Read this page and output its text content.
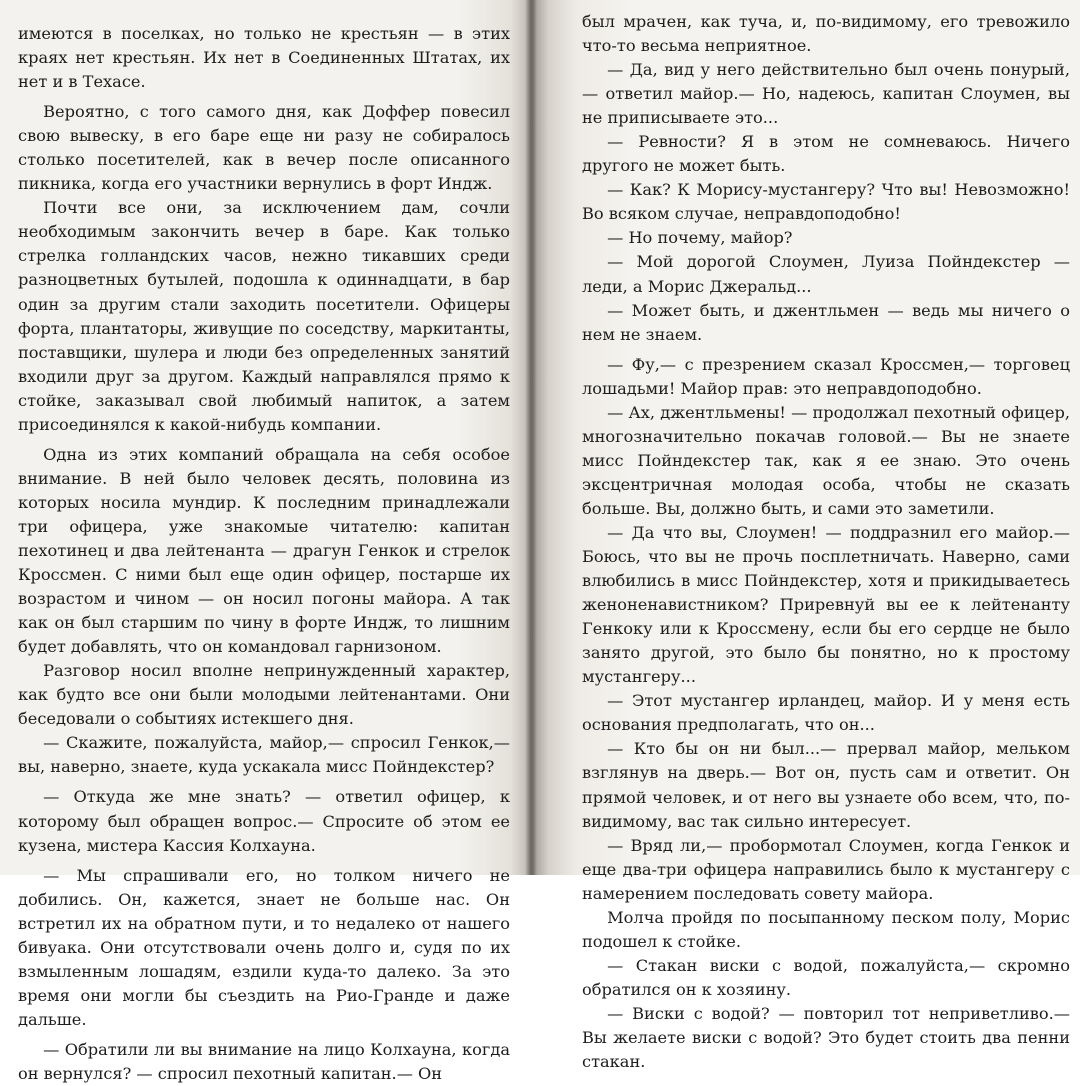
имеются в поселках, но только не крестьян — в этих краях нет крестьян. Их нет в Соединенных Штатах, их нет и в Техасе.

Вероятно, с того самого дня, как Доффер повесил свою вывеску, в его баре еще ни разу не собиралось столько посетителей, как в вечер после описанного пикника, когда его участники вернулись в форт Индж.

Почти все они, за исключением дам, сочли необходимым закончить вечер в баре. Как только стрелка голландских часов, нежно тикавших среди разноцветных бутылей, подошла к одиннадцати, в бар один за другим стали заходить посетители. Офицеры форта, плантаторы, живущие по соседству, маркитанты, поставщики, шулера и люди без определенных занятий входили друг за другом. Каждый направлялся прямо к стойке, заказывал свой любимый напиток, а затем присоединялся к какой-нибудь компании.

Одна из этих компаний обращала на себя особое внимание. В ней было человек десять, половина из которых носила мундир. К последним принадлежали три офицера, уже знакомые читателю: капитан пехотинец и два лейтенанта — драгун Генкок и стрелок Кроссмен. С ними был еще один офицер, постарше их возрастом и чином — он носил погоны майора. А так как он был старшим по чину в форте Индж, то лишним будет добавлять, что он командовал гарнизоном.

Разговор носил вполне непринужденный характер, как будто все они были молодыми лейтенантами. Они беседовали о событиях истекшего дня.

— Скажите, пожалуйста, майор,— спросил Генкок,— вы, наверно, знаете, куда ускакала мисс Пойндекстер?

— Откуда же мне знать? — ответил офицер, к которому был обращен вопрос.— Спросите об этом ее кузена, мистера Кассия Колхауна.

— Мы спрашивали его, но толком ничего не добились. Он, кажется, знает не больше нас. Он встретил их на обратном пути, и то недалеко от нашего бивуака. Они отсутствовали очень долго и, судя по их взмыленным лошадям, ездили куда-то далеко. За это время они могли бы съездить на Рио-Гранде и даже дальше.

— Обратили ли вы внимание на лицо Колхауна, когда он вернулся? — спросил пехотный капитан.— Он

был мрачен, как туча, и, по-видимому, его тревожило что-то весьма неприятное.

— Да, вид у него действительно был очень понурый,— ответил майор.— Но, надеюсь, капитан Слоумен, вы не приписываете это...

— Ревности? Я в этом не сомневаюсь. Ничего другого не может быть.

— Как? К Морису-мустангеру? Что вы! Невозможно! Во всяком случае, неправдоподобно!

— Но почему, майор?

— Мой дорогой Слоумен, Луиза Пойндекстер — леди, а Морис Джеральд...

— Может быть, и джентльмен — ведь мы ничего о нем не знаем.

— Фу,— с презрением сказал Кроссмен,— торговец лошадьми! Майор прав: это неправдоподобно.

— Ах, джентльмены! — продолжал пехотный офицер, многозначительно покачав головой.— Вы не знаете мисс Пойндекстер так, как я ее знаю. Это очень эксцентричная молодая особа, чтобы не сказать больше. Вы, должно быть, и сами это заметили.

— Да что вы, Слоумен! — поддразнил его майор.— Боюсь, что вы не прочь посплетничать. Наверно, сами влюбились в мисс Пойндекстер, хотя и прикидываетесь женоненавистником? Приревнуй вы ее к лейтенанту Генкоку или к Кроссмену, если бы его сердце не было занято другой, это было бы понятно, но к простому мустангеру...

— Этот мустангер ирландец, майор. И у меня есть основания предполагать, что он...

— Кто бы он ни был...— прервал майор, мельком взглянув на дверь.— Вот он, пусть сам и ответит. Он прямой человек, и от него вы узнаете обо всем, что, по-видимому, вас так сильно интересует.

— Вряд ли,— пробормотал Слоумен, когда Генкок и еще два-три офицера направились было к мустангеру с намерением последовать совету майора.

Молча пройдя по посыпанному песком полу, Морис подошел к стойке.

— Стакан виски с водой, пожалуйста,— скромно обратился он к хозяину.

— Виски с водой? — повторил тот неприветливо.— Вы желаете виски с водой? Это будет стоить два пенни стакан.
